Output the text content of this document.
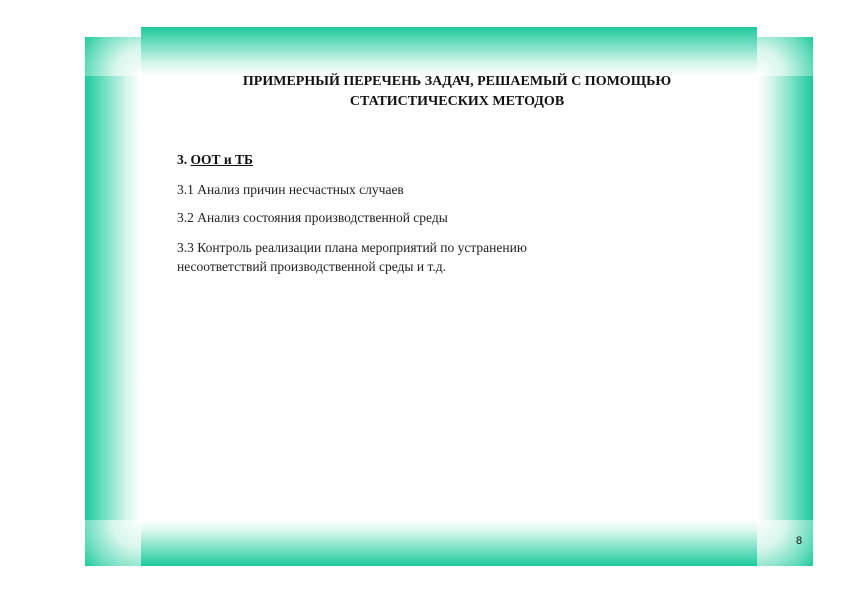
ПРИМЕРНЫЙ ПЕРЕЧЕНЬ ЗАДАЧ, РЕШАЕМЫЙ С ПОМОЩЬЮ
СТАТИСТИЧЕСКИХ МЕТОДОВ
3. ООТ и ТБ
3.1 Анализ причин несчастных случаев
3.2 Анализ состояния производственной среды
3.3 Контроль реализации плана мероприятий по устранению
несоответствий производственной среды и т.д.
8
